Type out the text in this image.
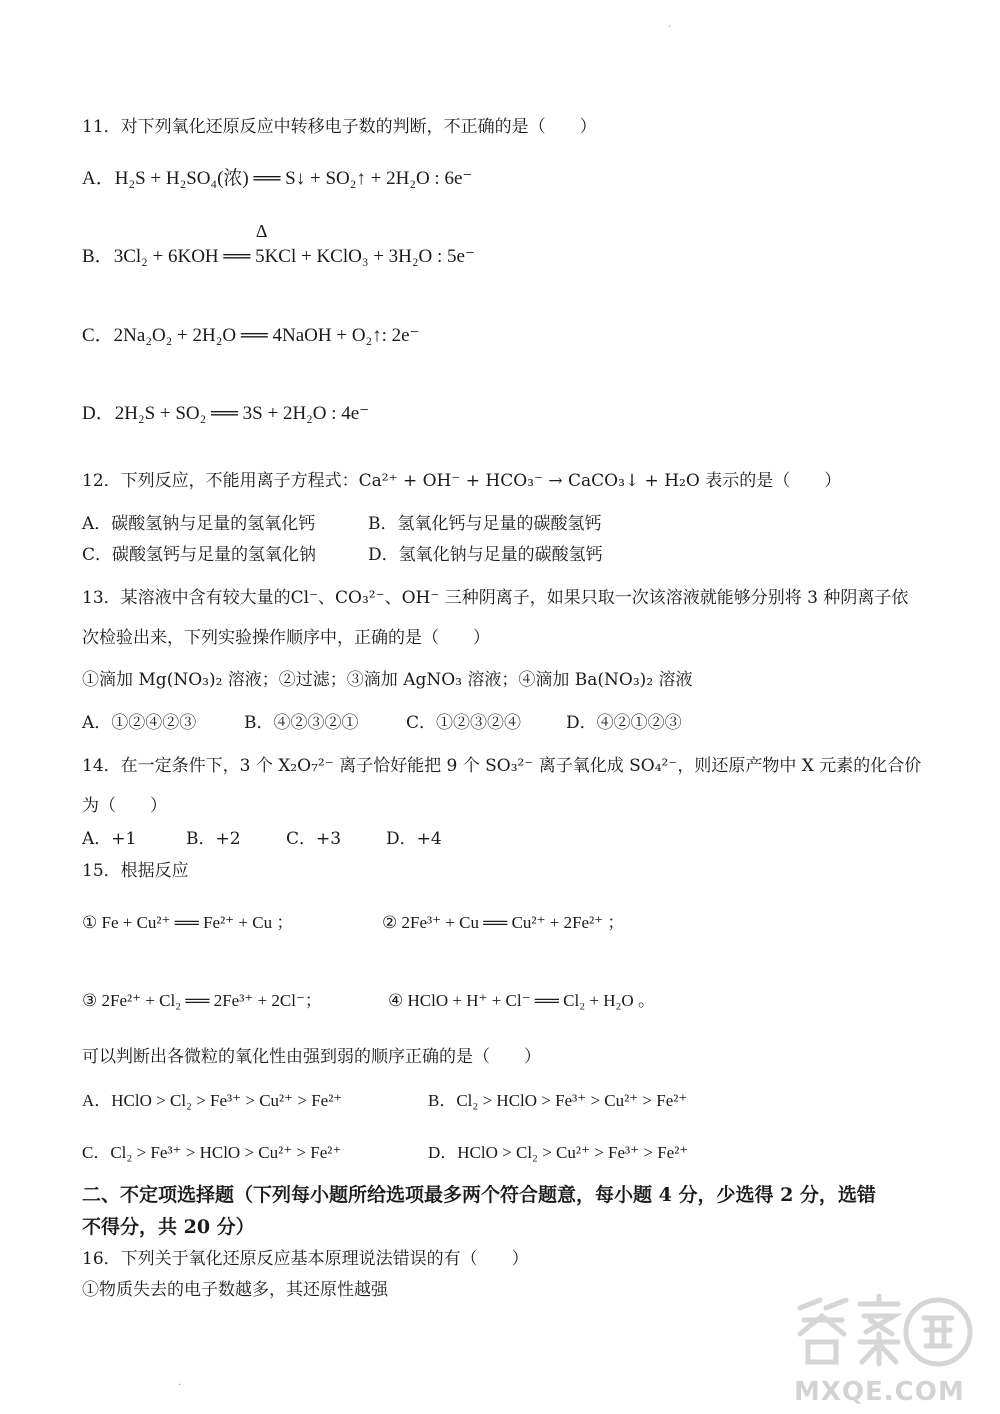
11．对下列氧化还原反应中转移电子数的判断，不正确的是（　　）
A．H₂S + H₂SO₄(浓) ══ S↓ + SO₂↑ + 2H₂O : 6e⁻
B．
Δ
3Cl₂ + 6KOH ══ 5KCl + KClO₃ + 3H₂O : 5e⁻
C．2Na₂O₂ + 2H₂O ══ 4NaOH + O₂↑: 2e⁻
D．2H₂S + SO₂ ══ 3S + 2H₂O : 4e⁻
12．下列反应，不能用离子方程式：Ca²⁺ + OH⁻ + HCO₃⁻ → CaCO₃↓ + H₂O 表示的是（　　）
A．碳酸氢钠与足量的氢氧化钙	B．氢氧化钙与足量的碳酸氢钙
C．碳酸氢钙与足量的氢氧化钠	D．氢氧化钠与足量的碳酸氢钙
13．某溶液中含有较大量的Cl⁻、CO₃²⁻、OH⁻ 三种阴离子，如果只取一次该溶液就能够分别将 3 种阴离子依
次检验出来，下列实验操作顺序中，正确的是（　　）
①滴加 Mg(NO₃)₂ 溶液；②过滤；③滴加 AgNO₃ 溶液；④滴加 Ba(NO₃)₂ 溶液
A．①②④②③	B．④②③②①	C．①②③②④	D．④②①②③
14．在一定条件下，3 个 X₂O₇²⁻ 离子恰好能把 9 个 SO₃²⁻ 离子氧化成 SO₄²⁻，则还原产物中 X 元素的化合价
为（　　）
A．+1	B．+2	C．+3	D．+4
15．根据反应
① Fe + Cu²⁺ ══ Fe²⁺ + Cu ；	② 2Fe³⁺ + Cu ══ Cu²⁺ + 2Fe²⁺ ；
③ 2Fe²⁺ + Cl₂ ══ 2Fe³⁺ + 2Cl⁻；	④ HClO + H⁺ + Cl⁻ ══ Cl₂ + H₂O 。
可以判断出各微粒的氧化性由强到弱的顺序正确的是（　　）
A．HClO > Cl₂ > Fe³⁺ > Cu²⁺ > Fe²⁺	B．Cl₂ > HClO > Fe³⁺ > Cu²⁺ > Fe²⁺
C．Cl₂ > Fe³⁺ > HClO > Cu²⁺ > Fe²⁺	D．HClO > Cl₂ > Cu²⁺ > Fe³⁺ > Fe²⁺
二、不定项选择题（下列每小题所给选项最多两个符合题意，每小题 4 分，少选得 2 分，选错
不得分，共 20 分）
16．下列关于氧化还原反应基本原理说法错误的有（　　）
①物质失去的电子数越多，其还原性越强
·
·	MXQE.COM
